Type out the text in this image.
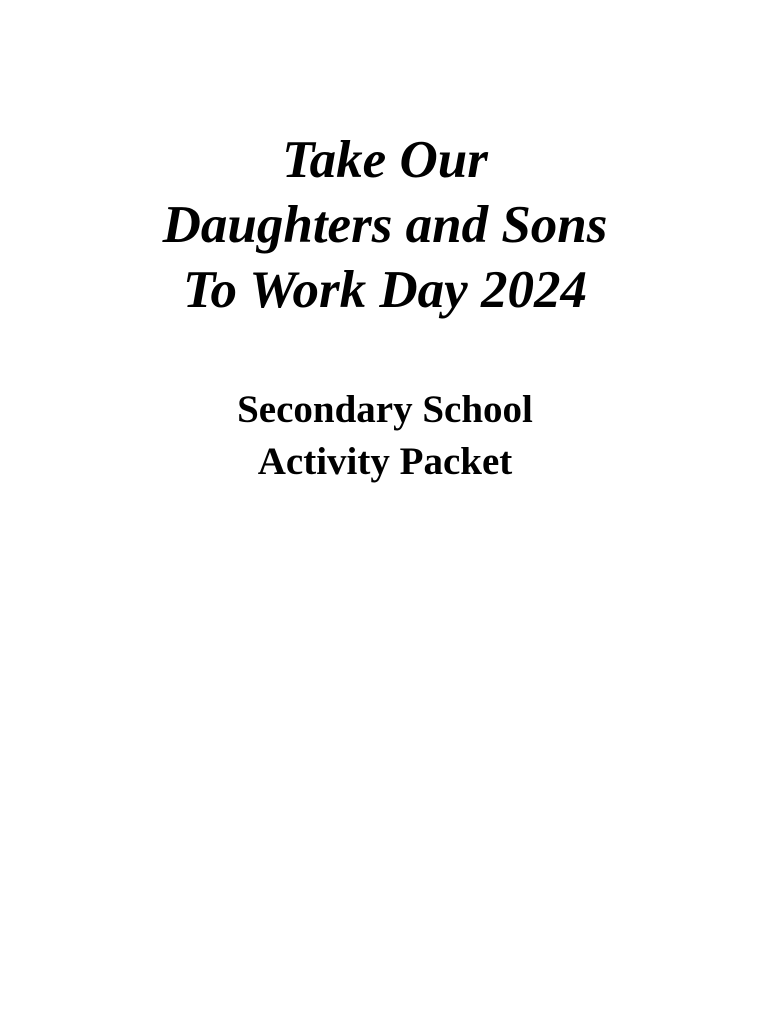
Take Our
Daughters and Sons
To Work Day 2024
Secondary School
Activity Packet
